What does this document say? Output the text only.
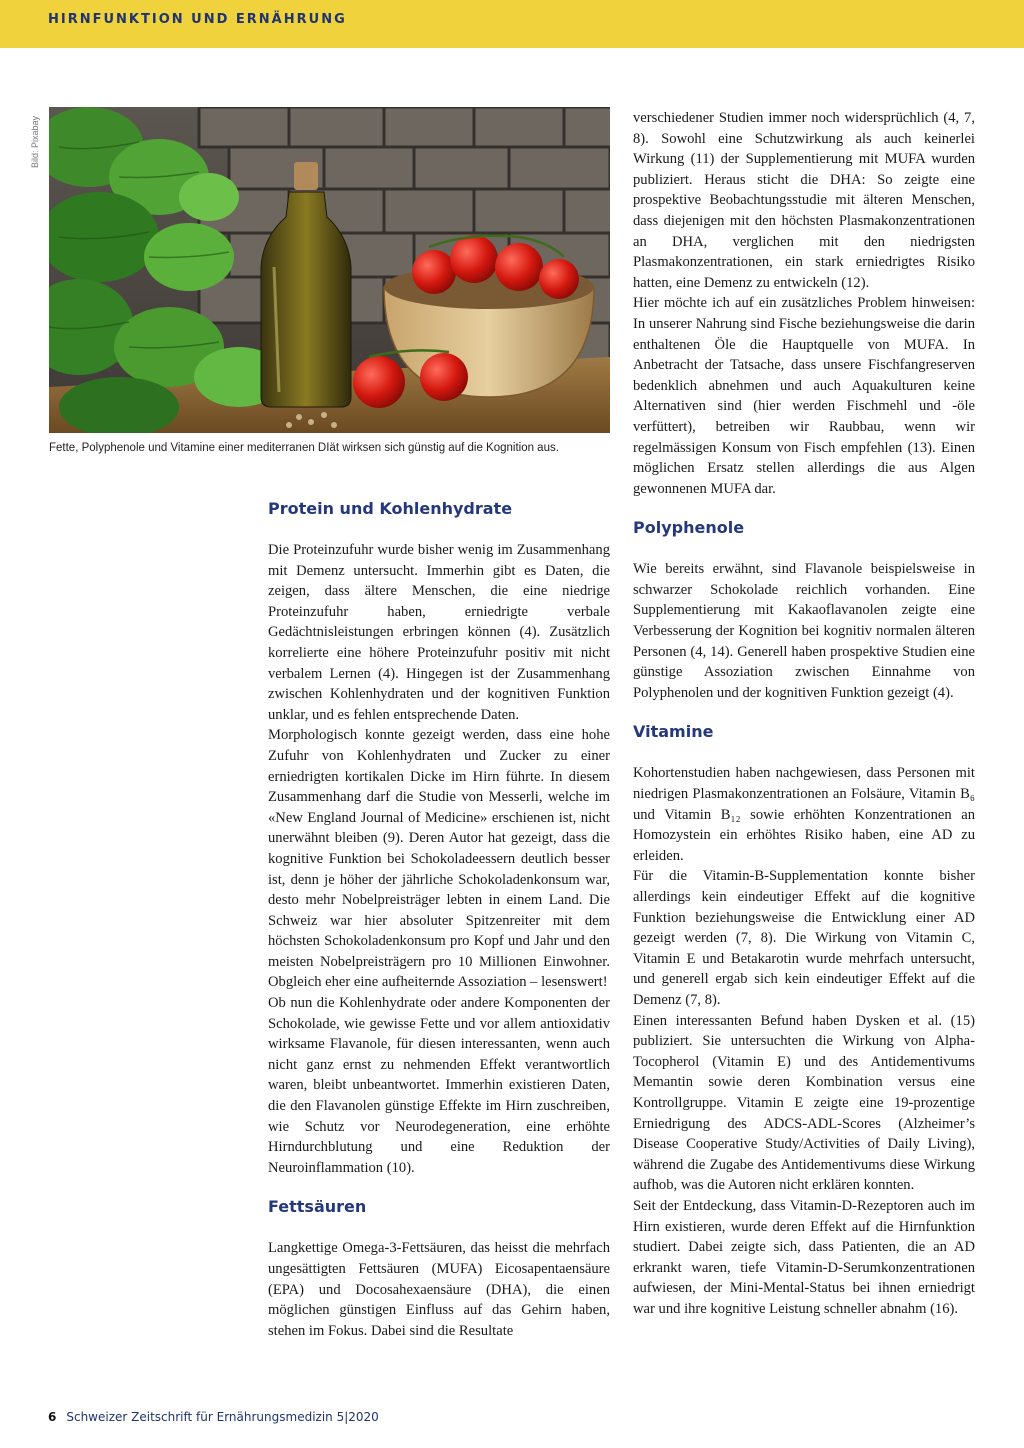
HIRNFUNKTION UND ERNÄHRUNG
Bild: Pixabay
Fette, Polyphenole und Vitamine einer mediterranen DIät wirksen sich günstig auf die Kognition aus.
Protein und Kohlenhydrate

Die Proteinzufuhr wurde bisher wenig im Zusammenhang mit Demenz untersucht. Immerhin gibt es Daten, die zeigen, dass ältere Menschen, die eine niedrige Proteinzufuhr haben, erniedrigte verbale Gedächtnisleistungen erbringen können (4). Zusätzlich korrelierte eine höhere Proteinzufuhr positiv mit nicht verbalem Lernen (4). Hingegen ist der Zusammenhang zwischen Kohlenhydraten und der kognitiven Funktion unklar, und es fehlen entsprechende Daten.

Morphologisch konnte gezeigt werden, dass eine hohe Zufuhr von Kohlenhydraten und Zucker zu einer erniedrigten kortikalen Dicke im Hirn führte. In diesem Zusammenhang darf die Studie von Messerli, welche im «New England Journal of Medicine» erschienen ist, nicht unerwähnt bleiben (9). Deren Autor hat gezeigt, dass die kognitive Funktion bei Schokoladeessern deutlich besser ist, denn je höher der jährliche Schokoladenkonsum war, desto mehr Nobelpreisträger lebten in einem Land. Die Schweiz war hier absoluter Spitzenreiter mit dem höchsten Schokoladenkonsum pro Kopf und Jahr und den meisten Nobelpreisträgern pro 10 Millionen Einwohner. Obgleich eher eine aufheiternde Assoziation – lesenswert!

Ob nun die Kohlenhydrate oder andere Komponenten der Schokolade, wie gewisse Fette und vor allem antioxidativ wirksame Flavanole, für diesen interessanten, wenn auch nicht ganz ernst zu nehmenden Effekt verantwortlich waren, bleibt unbeantwortet. Immerhin existieren Daten, die den Flavanolen günstige Effekte im Hirn zuschreiben, wie Schutz vor Neurodegeneration, eine erhöhte Hirndurchblutung und eine Reduktion der Neuroinflammation (10).

Fettsäuren

Langkettige Omega-3-Fettsäuren, das heisst die mehrfach ungesättigten Fettsäuren (MUFA) Eicosapentaensäure (EPA) und Docosahexaensäure (DHA), die einen möglichen günstigen Einfluss auf das Gehirn haben, stehen im Fokus. Dabei sind die Resultate

verschiedener Studien immer noch widersprüchlich (4, 7, 8). Sowohl eine Schutzwirkung als auch keinerlei Wirkung (11) der Supplementierung mit MUFA wurden publiziert. Heraus sticht die DHA: So zeigte eine prospektive Beobachtungsstudie mit älteren Menschen, dass diejenigen mit den höchsten Plasmakonzentrationen an DHA, verglichen mit den niedrigsten Plasmakonzentrationen, ein stark erniedrigtes Risiko hatten, eine Demenz zu entwickeln (12).

Hier möchte ich auf ein zusätzliches Problem hinweisen: In unserer Nahrung sind Fische beziehungsweise die darin enthaltenen Öle die Hauptquelle von MUFA. In Anbetracht der Tatsache, dass unsere Fischfangreserven bedenklich abnehmen und auch Aquakulturen keine Alternativen sind (hier werden Fischmehl und -öle verfüttert), betreiben wir Raubbau, wenn wir regelmässigen Konsum von Fisch empfehlen (13). Einen möglichen Ersatz stellen allerdings die aus Algen gewonnenen MUFA dar.

Polyphenole

Wie bereits erwähnt, sind Flavanole beispielsweise in schwarzer Schokolade reichlich vorhanden. Eine Supplementierung mit Kakaoflavanolen zeigte eine Verbesserung der Kognition bei kognitiv normalen älteren Personen (4, 14). Generell haben prospektive Studien eine günstige Assoziation zwischen Einnahme von Polyphenolen und der kognitiven Funktion gezeigt (4).

Vitamine

Kohortenstudien haben nachgewiesen, dass Personen mit niedrigen Plasmakonzentrationen an Folsäure, Vitamin B₆ und Vitamin B₁₂ sowie erhöhten Konzentrationen an Homozystein ein erhöhtes Risiko haben, eine AD zu erleiden.

Für die Vitamin-B-Supplementation konnte bisher allerdings kein eindeutiger Effekt auf die kognitive Funktion beziehungsweise die Entwicklung einer AD gezeigt werden (7, 8). Die Wirkung von Vitamin C, Vitamin E und Betakarotin wurde mehrfach untersucht, und generell ergab sich kein eindeutiger Effekt auf die Demenz (7, 8).

Einen interessanten Befund haben Dysken et al. (15) publiziert. Sie untersuchten die Wirkung von Alpha-Tocopherol (Vitamin E) und des Antidementivums Memantin sowie deren Kombination versus eine Kontrollgruppe. Vitamin E zeigte eine 19-prozentige Erniedrigung des ADCS-ADL-Scores (Alzheimer’s Disease Cooperative Study/Activities of Daily Living), während die Zugabe des Antidementivums diese Wirkung aufhob, was die Autoren nicht erklären konnten.

Seit der Entdeckung, dass Vitamin-D-Rezeptoren auch im Hirn existieren, wurde deren Effekt auf die Hirnfunktion studiert. Dabei zeigte sich, dass Patienten, die an AD erkrankt waren, tiefe Vitamin-D-Serumkonzentrationen aufwiesen, der Mini-Mental-Status bei ihnen erniedrigt war und ihre kognitive Leistung schneller abnahm (16).

6 Schweizer Zeitschrift für Ernährungsmedizin 5|2020
